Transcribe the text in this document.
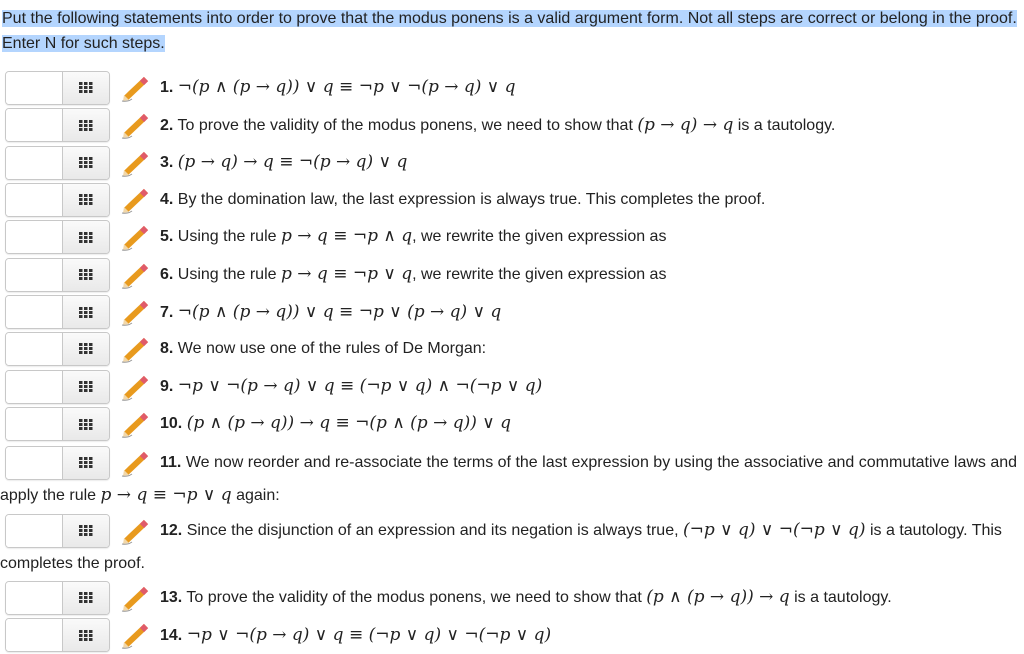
Put the following statements into order to prove that the modus ponens is a valid argument form. Not all steps are correct or belong in the proof. Enter N for such steps.
1. ¬(p ∧ (p → q)) ∨ q ≡ ¬p ∨ ¬(p → q) ∨ q
2. To prove the validity of the modus ponens, we need to show that (p → q) → q is a tautology.
3. (p → q) → q ≡ ¬(p → q) ∨ q
4. By the domination law, the last expression is always true. This completes the proof.
5. Using the rule p → q ≡ ¬p ∧ q, we rewrite the given expression as
6. Using the rule p → q ≡ ¬p ∨ q, we rewrite the given expression as
7. ¬(p ∧ (p → q)) ∨ q ≡ ¬p ∨ (p → q) ∨ q
8. We now use one of the rules of De Morgan:
9. ¬p ∨ ¬(p → q) ∨ q ≡ (¬p ∨ q) ∧ ¬(¬p ∨ q)
10. (p ∧ (p → q)) → q ≡ ¬(p ∧ (p → q)) ∨ q
11. We now reorder and re-associate the terms of the last expression by using the associative and commutative laws and apply the rule p → q ≡ ¬p ∨ q again:
12. Since the disjunction of an expression and its negation is always true, (¬p ∨ q) ∨ ¬(¬p ∨ q) is a tautology. This completes the proof.
13. To prove the validity of the modus ponens, we need to show that (p ∧ (p → q)) → q is a tautology.
14. ¬p ∨ ¬(p → q) ∨ q ≡ (¬p ∨ q) ∨ ¬(¬p ∨ q)
